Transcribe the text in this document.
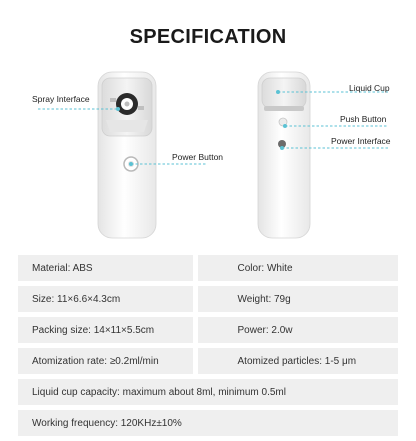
SPECIFICATION
Spray Interface
Power Button
Liquid Cup
Push Button
Power Interface
Material: ABS	Color: White
Size: 11×6.6×4.3cm	Weight: 79g
Packing size: 14×11×5.5cm	Power: 2.0w
Atomization rate: ≥0.2ml/min	Atomized particles: 1-5 μm
Liquid cup capacity: maximum about 8ml, minimum 0.5ml
Working frequency: 120KHz±10%
